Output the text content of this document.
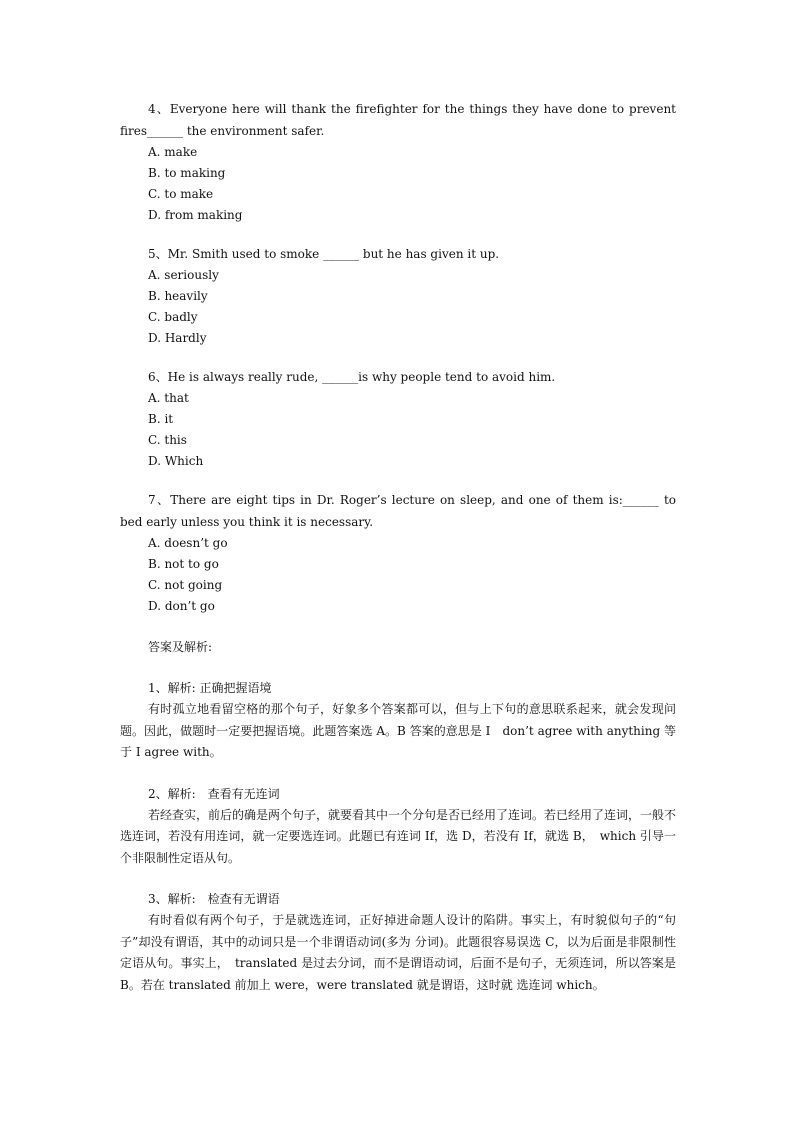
4、Everyone here will thank the firefighter for the things they have done to prevent fires______ the environment safer.

A. make
B. to making
C. to make
D. from making

5、Mr. Smith used to smoke ______ but he has given it up.

A. seriously
B. heavily
C. badly
D. Hardly

6、He is always really rude, ______is why people tend to avoid him.

A. that
B. it
C. this
D. Which

7、There are eight tips in Dr. Roger’s lecture on sleep, and one of them is:______ to bed early unless you think it is necessary.

A. doesn’t go
B. not to go
C. not going
D. don’t go

答案及解析:

1、解析: 正确把握语境

有时孤立地看留空格的那个句子，好象多个答案都可以，但与上下句的意思联系起来，就会发现问题。因此，做题时一定要把握语境。此题答案选 A。B 答案的意思是 I　don’t agree with anything 等于 I agree with。

2、解析:　查看有无连词

若经查实，前后的确是两个句子，就要看其中一个分句是否已经用了连词。若已经用了连词，一般不选连词，若没有用连词，就一定要选连词。此题已有连词 If，选 D，若没有 If，就选 B，　which 引导一个非限制性定语从句。

3、解析:　检查有无谓语

有时看似有两个句子，于是就选连词，正好掉进命题人设计的陷阱。事实上，有时貌似句子的“句子”却没有谓语，其中的动词只是一个非谓语动词(多为 分词)。此题很容易误选 C，以为后面是非限制性定语从句。事实上，　translated 是过去分词，而不是谓语动词，后面不是句子，无须连词，所以答案是 B。若在 translated 前加上 were，were translated 就是谓语，这时就 选连词 which。
